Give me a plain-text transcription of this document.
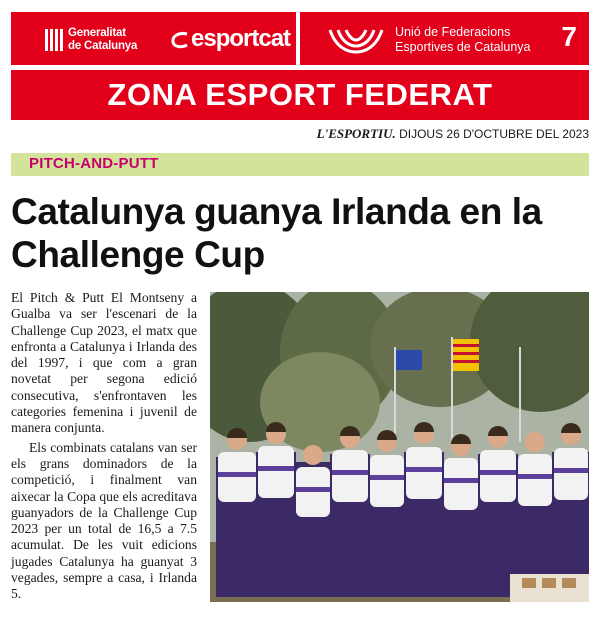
Generalitat
de Catalunya esportcat	Unió de Federacions
Esportives de Catalunya 7
ZONA ESPORT FEDERAT
L'ESPORTIU. DIJOUS 26 D'OCTUBRE DEL 2023
PITCH-AND-PUTT
Catalunya guanya Irlanda en la Challenge Cup

El Pitch & Putt El Montseny a Gualba va ser l'escenari de la Challenge Cup 2023, el matx que enfronta a Catalunya i Irlanda des del 1997, i que com a gran novetat per segona edició consecutiva, s'enfrontaven les categories femenina i juvenil de manera conjunta.

Els combinats catalans van ser els grans dominadors de la competició, i finalment van aixecar la Copa que els acreditava guanyadors de la Challenge Cup 2023 per un total de 16,5 a 7.5 acumulat. De les vuit edicions jugades Catalunya ha guanyat 3 vegades, sempre a casa, i Irlanda 5.
